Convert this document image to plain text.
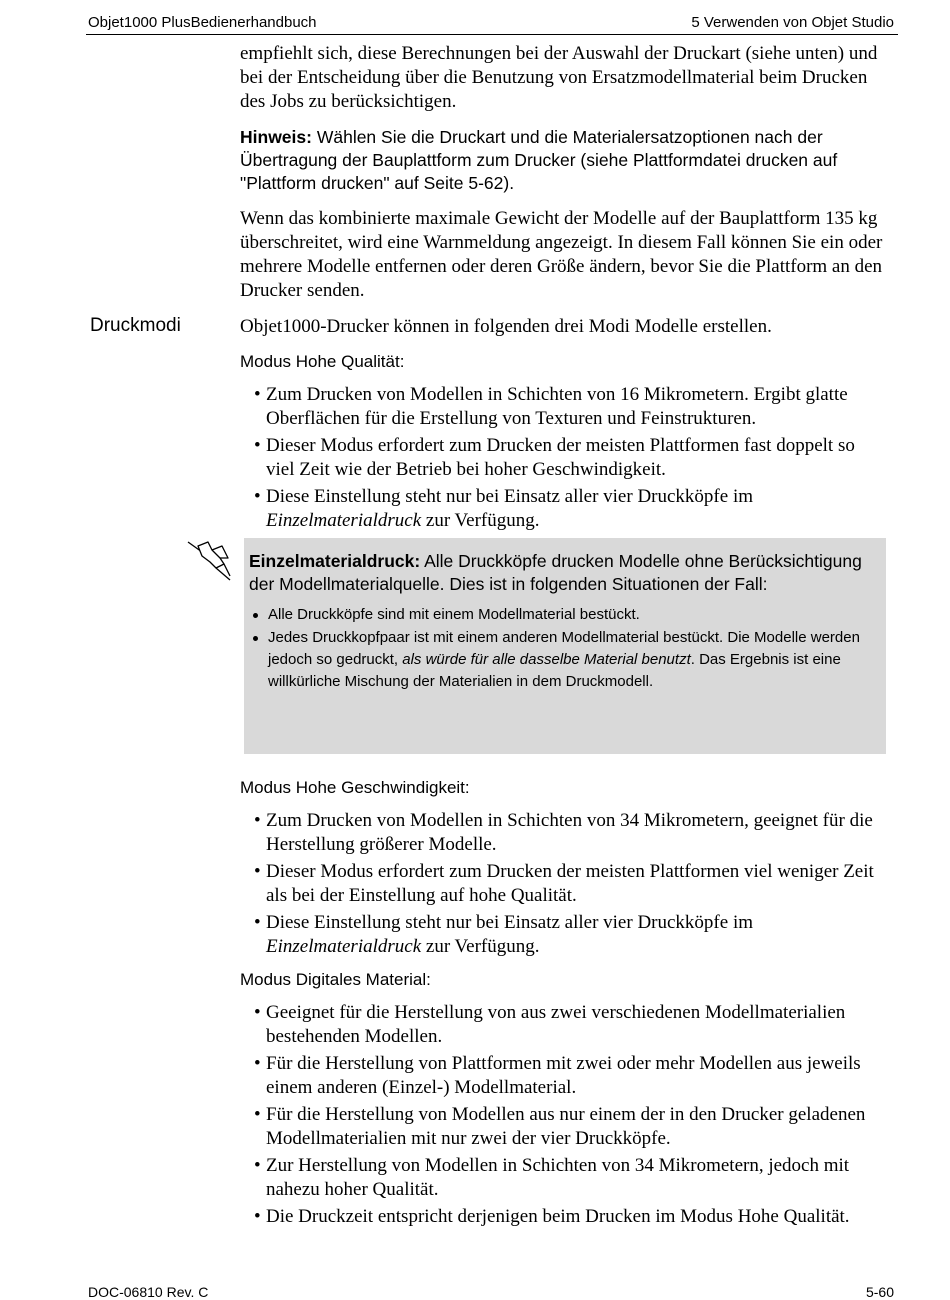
Objet1000 PlusBedienerhandbuch	5 Verwenden von Objet Studio

empfiehlt sich, diese Berechnungen bei der Auswahl der Druckart (siehe unten) und bei der Entscheidung über die Benutzung von Ersatzmodellmaterial beim Drucken des Jobs zu berücksichtigen.

Hinweis: Wählen Sie die Druckart und die Materialersatzoptionen nach der Übertragung der Bauplattform zum Drucker (siehe Plattformdatei drucken auf "Plattform drucken" auf Seite 5-62).

Wenn das kombinierte maximale Gewicht der Modelle auf der Bauplattform 135 kg überschreitet, wird eine Warnmeldung angezeigt. In diesem Fall können Sie ein oder mehrere Modelle entfernen oder deren Größe ändern, bevor Sie die Plattform an den Drucker senden.

Objet1000-Drucker können in folgenden drei Modi Modelle erstellen.

Modus Hohe Qualität:
• Zum Drucken von Modellen in Schichten von 16 Mikrometern. Ergibt glatte Oberflächen für die Erstellung von Texturen und Feinstrukturen.
• Dieser Modus erfordert zum Drucken der meisten Plattformen fast doppelt so viel Zeit wie der Betrieb bei hoher Geschwindigkeit.
• Diese Einstellung steht nur bei Einsatz aller vier Druckköpfe im Einzelmaterialdruck zur Verfügung.
Druckmodi

Einzelmaterialdruck: Alle Druckköpfe drucken Modelle ohne Berücksichtigung der Modellmaterialquelle. Dies ist in folgenden Situationen der Fall:

Alle Druckköpfe sind mit einem Modellmaterial bestückt.
Jedes Druckkopfpaar ist mit einem anderen Modellmaterial bestückt. Die Modelle werden jedoch so gedruckt, als würde für alle dasselbe Material benutzt. Das Ergebnis ist eine willkürliche Mischung der Materialien in dem Druckmodell.
Modus Hohe Geschwindigkeit:
• Zum Drucken von Modellen in Schichten von 34 Mikrometern, geeignet für die Herstellung größerer Modelle.
• Dieser Modus erfordert zum Drucken der meisten Plattformen viel weniger Zeit als bei der Einstellung auf hohe Qualität.
• Diese Einstellung steht nur bei Einsatz aller vier Druckköpfe im Einzelmaterialdruck zur Verfügung.
Modus Digitales Material:
• Geeignet für die Herstellung von aus zwei verschiedenen Modellmaterialien bestehenden Modellen.
• Für die Herstellung von Plattformen mit zwei oder mehr Modellen aus jeweils einem anderen (Einzel-) Modellmaterial.
• Für die Herstellung von Modellen aus nur einem der in den Drucker geladenen Modellmaterialien mit nur zwei der vier Druckköpfe.
• Zur Herstellung von Modellen in Schichten von 34 Mikrometern, jedoch mit nahezu hoher Qualität.
• Die Druckzeit entspricht derjenigen beim Drucken im Modus Hohe Qualität.
DOC-06810 Rev. C	5-60
